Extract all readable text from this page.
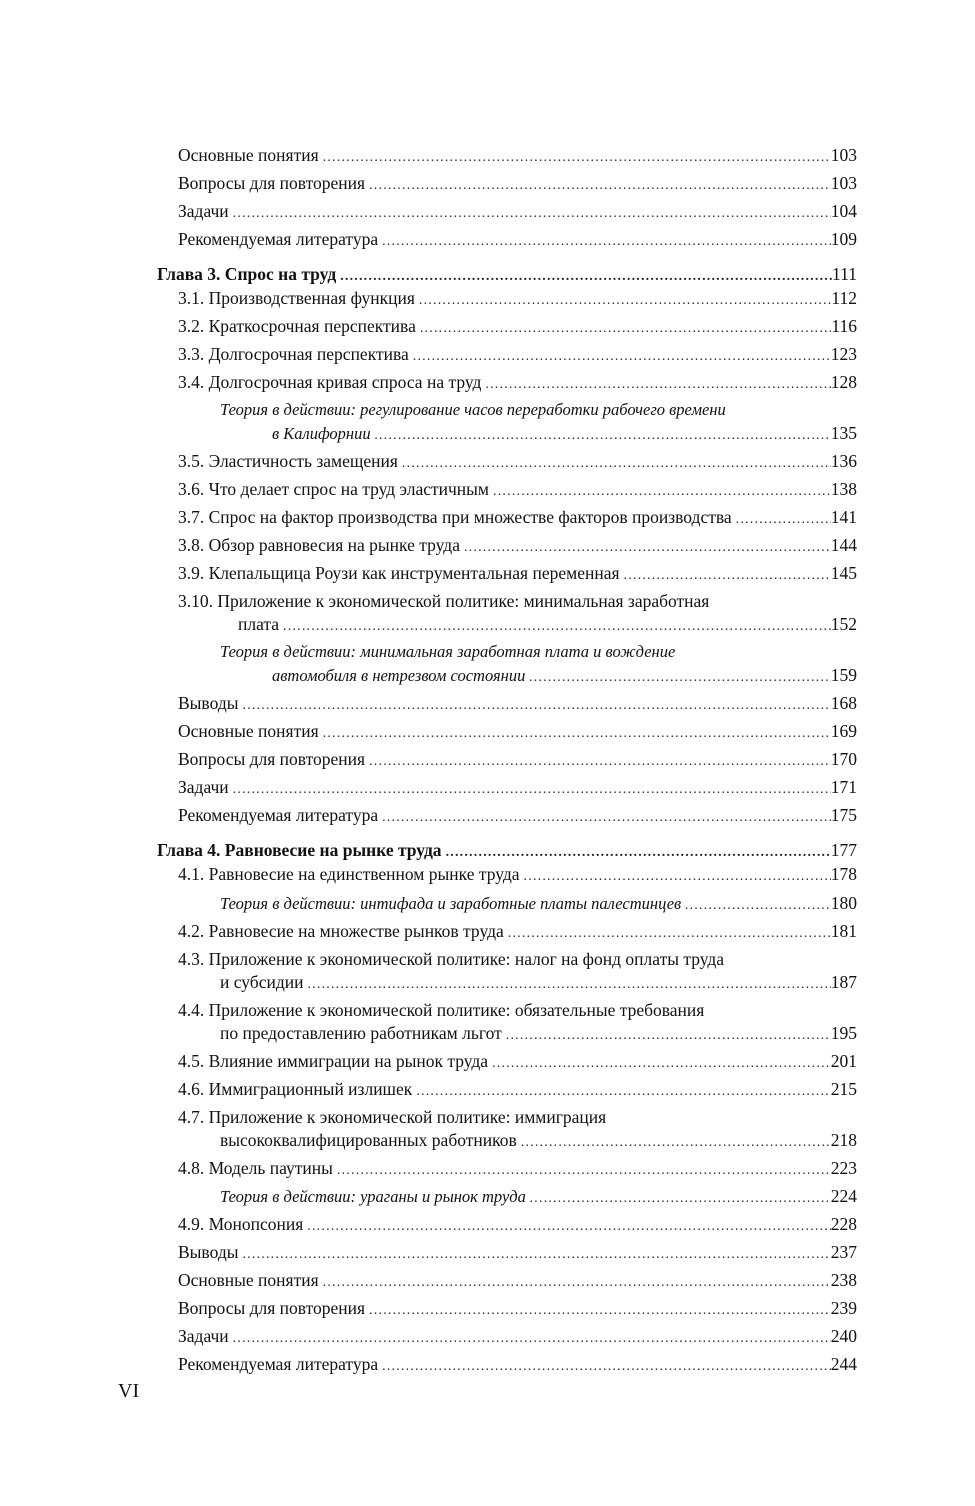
Основные понятия .....	103
Вопросы для повторения .....	103
Задачи .....	104
Рекомендуемая литература .....	109
Глава 3. Спрос на труд .....	111
3.1. Производственная функция .....	112
3.2. Краткосрочная перспектива .....	116
3.3. Долгосрочная перспектива .....	123
3.4. Долгосрочная кривая спроса на труд .....	128
Теория в действии: регулирование часов переработки рабочего времени
в Калифорнии .....	135
3.5. Эластичность замещения .....	136
3.6. Что делает спрос на труд эластичным .....	138
3.7. Спрос на фактор производства при множестве факторов производства .....	141
3.8. Обзор равновесия на рынке труда .....	144
3.9. Клепальщица Роузи как инструментальная переменная .....	145
3.10. Приложение к экономической политике: минимальная заработная
плата .....	152
Теория в действии: минимальная заработная плата и вождение
автомобиля в нетрезвом состоянии .....	159
Выводы .....	168
Основные понятия .....	169
Вопросы для повторения .....	170
Задачи .....	171
Рекомендуемая литература .....	175
Глава 4. Равновесие на рынке труда .....	177
4.1. Равновесие на единственном рынке труда .....	178
Теория в действии: интифада и заработные платы палестинцев .....	180
4.2. Равновесие на множестве рынков труда .....	181
4.3. Приложение к экономической политике: налог на фонд оплаты труда
и субсидии .....	187
4.4. Приложение к экономической политике: обязательные требования
по предоставлению работникам льгот .....	195
4.5. Влияние иммиграции на рынок труда .....	201
4.6. Иммиграционный излишек .....	215
4.7. Приложение к экономической политике: иммиграция
высококвалифицированных работников .....	218
4.8. Модель паутины .....	223
Теория в действии: ураганы и рынок труда .....	224
4.9. Монопсония .....	228
Выводы .....	237
Основные понятия .....	238
Вопросы для повторения .....	239
Задачи .....	240
Рекомендуемая литература .....	244
VI
